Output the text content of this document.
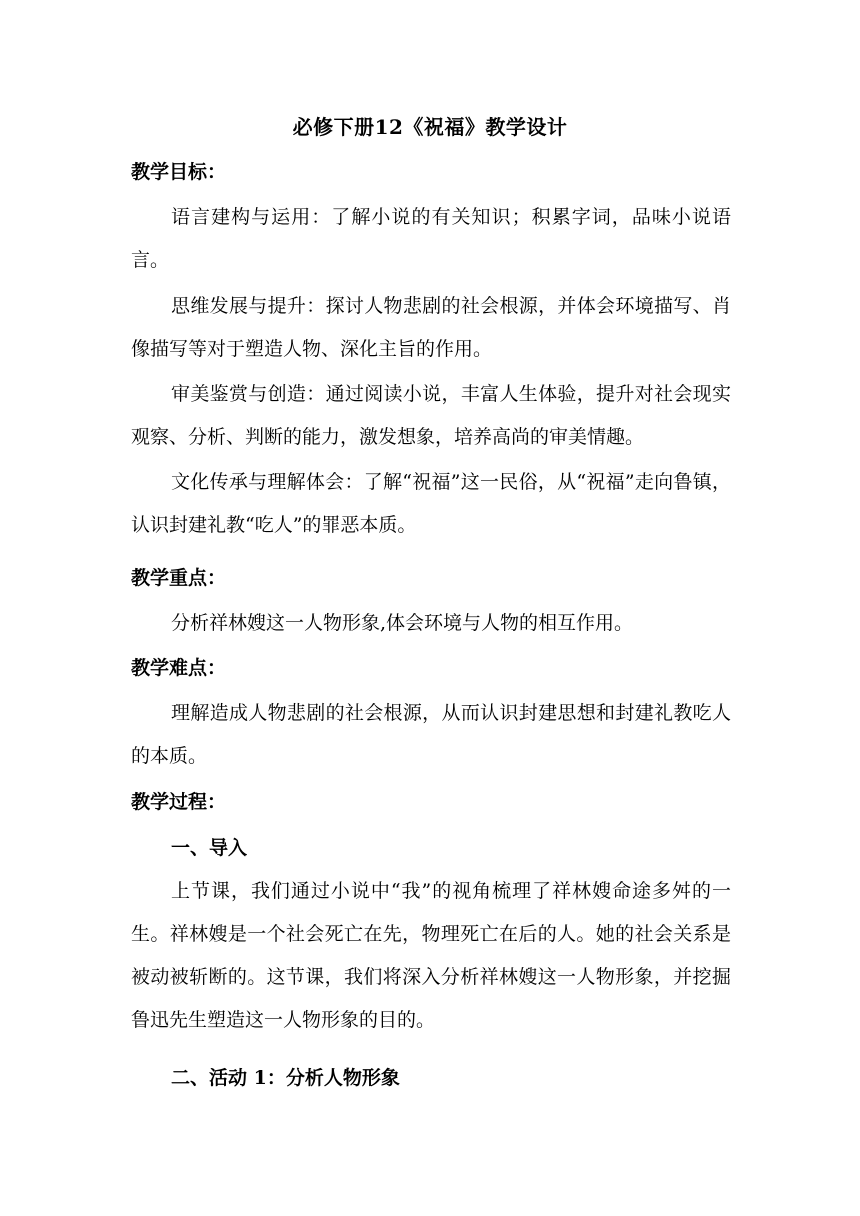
必修下册12《祝福》教学设计
教学目标：
语言建构与运用：了解小说的有关知识；积累字词，品味小说语言。
思维发展与提升：探讨人物悲剧的社会根源，并体会环境描写、肖像描写等对于塑造人物、深化主旨的作用。
审美鉴赏与创造：通过阅读小说，丰富人生体验，提升对社会现实观察、分析、判断的能力，激发想象，培养高尚的审美情趣。
文化传承与理解体会：了解“祝福”这一民俗，从“祝福”走向鲁镇，认识封建礼教“吃人”的罪恶本质。
教学重点：
分析祥林嫂这一人物形象,体会环境与人物的相互作用。
教学难点：
理解造成人物悲剧的社会根源，从而认识封建思想和封建礼教吃人的本质。
教学过程：
一、导入
上节课，我们通过小说中“我”的视角梳理了祥林嫂命途多舛的一生。祥林嫂是一个社会死亡在先，物理死亡在后的人。她的社会关系是被动被斩断的。这节课，我们将深入分析祥林嫂这一人物形象，并挖掘鲁迅先生塑造这一人物形象的目的。
二、活动 1：分析人物形象
